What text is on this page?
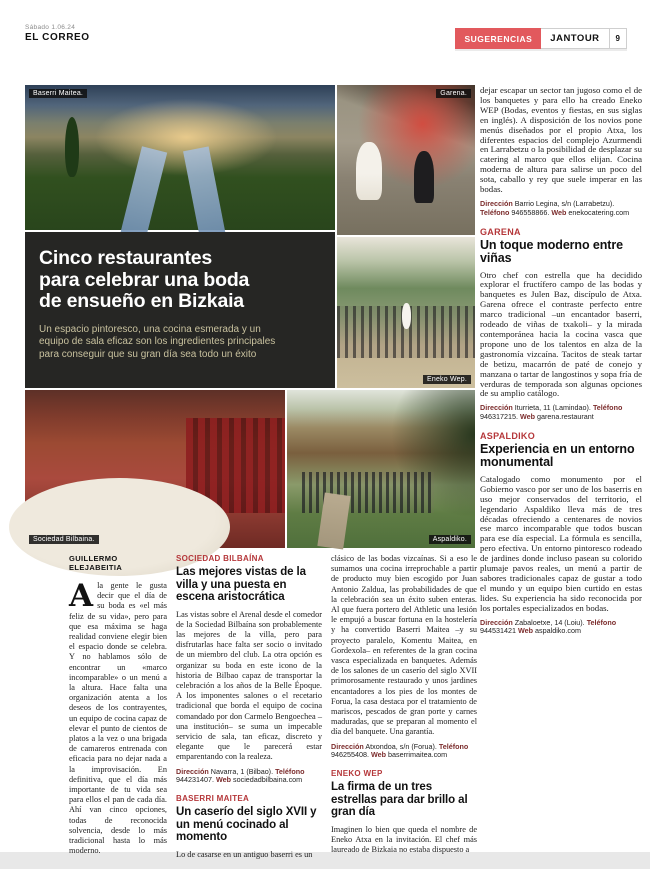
Sábado 1.06.24
EL CORREO	SUGERENCIAS	JANTOUR	9
Baserri Maitea.	Garena.
Eneko Wep.
Cinco restaurantes
para celebrar una boda
de ensueño en Bizkaia
Un espacio pintoresco, una cocina esmerada y un equipo de sala eficaz son los ingredientes principales para conseguir que su gran día sea todo un éxito
Sociedad Bilbaina.	Aspaldiko.

dejar escapar un sector tan jugoso como el de los banquetes y para ello ha creado Eneko WEP (Bodas, eventos y fiestas, en sus siglas en inglés). A disposición de los novios pone menús diseñados por el propio Atxa, los diferentes espacios del complejo Azurmendi en Larrabetzu o la posibilidad de desplazar su catering al marco que ellos elijan. Cocina moderna de altura para salirse un poco del sota, caballo y rey que suele imperar en las bodas.

Dirección Barrio Legina, s/n (Larrabetzu). Teléfono 946558866. Web enekocatering.com

GARENA

Un toque moderno entre viñas

Otro chef con estrella que ha decidido explorar el fructífero campo de las bodas y banquetes es Julen Baz, discípulo de Atxa. Garena ofrece el contraste perfecto entre marco tradicional –un encantador baserri, rodeado de viñas de txakoli– y la mirada contemporánea hacia la cocina vasca que propone uno de los talentos en alza de la gastronomía vizcaína. Tacitos de steak tartar de betizu, macarrón de paté de conejo y manzana o tartar de langostinos y sopa fría de verduras de temporada son algunas opciones de su amplio catálogo.

Dirección Iturrieta, 11 (Lamindao). Teléfono 946317215. Web garena.restaurant

ASPALDIKO

Experiencia en un entorno monumental

Catalogado como monumento por el Gobierno vasco por ser uno de los baserris en uso mejor conservados del territorio, el legendario Aspaldiko lleva más de tres décadas ofreciendo a centenares de novios ese marco incomparable que todos buscan para ese día especial. La fórmula es sencilla, pero efectiva. Un entorno pintoresco rodeado de jardines donde incluso pasean su colorido plumaje pavos reales, un menú a partir de sabores tradicionales capaz de gustar a todo el mundo y un equipo bien curtido en estas lides. Su experiencia ha sido reconocida por los portales especializados en bodas.

Dirección Zabaloetxe, 14 (Loiu). Teléfono 944531421 Web aspaldiko.com

GUILLERMO ELEJABEITIA

A la gente le gusta decir que el día de su boda es «el más feliz de su vida», pero para que esa máxima se haga realidad conviene elegir bien el espacio donde se celebra. Y no hablamos sólo de encontrar un «marco incomparable» o un menú a la altura. Hace falta una organización atenta a los deseos de los contrayentes, un equipo de cocina capaz de elevar el punto de cientos de platos a la vez o una brigada de camareros entrenada con eficacia para no dejar nada a la improvisación. En definitiva, que el día más importante de tu vida sea para ellos el pan de cada día. Ahí van cinco opciones, todas de reconocida solvencia, desde lo más tradicional hasta lo más moderno.

SOCIEDAD BILBAÍNA

Las mejores vistas de la villa y una puesta en escena aristocrática

Las vistas sobre el Arenal desde el comedor de la Sociedad Bilbaína son probablemente las mejores de la villa, pero para disfrutarlas hace falta ser socio o invitado de un miembro del club. La otra opción es organizar su boda en este icono de la historia de Bilbao capaz de transportar la celebración a los años de la Belle Époque. A los imponentes salones o el recetario tradicional que borda el equipo de cocina comandado por don Carmelo Bengoechea –una institución– se suma un impecable servicio de sala, tan eficaz, discreto y elegante que le parecerá estar emparentando con la realeza.

Dirección Navarra, 1 (Bilbao). Teléfono 944231407. Web sociedadbilbaina.com

BASERRI MAITEA

Un caserío del siglo XVII y un menú cocinado al momento

Lo de casarse en un antiguo baserri es un

clásico de las bodas vizcaínas. Si a eso le sumamos una cocina irreprochable a partir de producto muy bien escogido por Juan Antonio Zaldua, las probabilidades de que la celebración sea un éxito suben enteras. Al que fuera portero del Athletic una lesión le empujó a buscar fortuna en la hostelería y ha convertido Baserri Maitea –y su proyecto paralelo, Komentu Maitea, en Gordexola– en referentes de la gran cocina vasca especializada en banquetes. Además de los salones de un caserío del siglo XVII primorosamente restaurado y unos jardines encantadores a los pies de los montes de Forua, la casa destaca por el tratamiento de mariscos, pescados de gran porte y carnes maduradas, que se preparan al momento el día del banquete. Una garantía.

Dirección Atxondoa, s/n (Forua). Teléfono 946255408. Web baserrimaitea.com

ENEKO WEP

La firma de un tres estrellas para dar brillo al gran día

Imaginen lo bien que queda el nombre de Eneko Atxa en la invitación. El chef más laureado de Bizkaia no estaba dispuesto a
